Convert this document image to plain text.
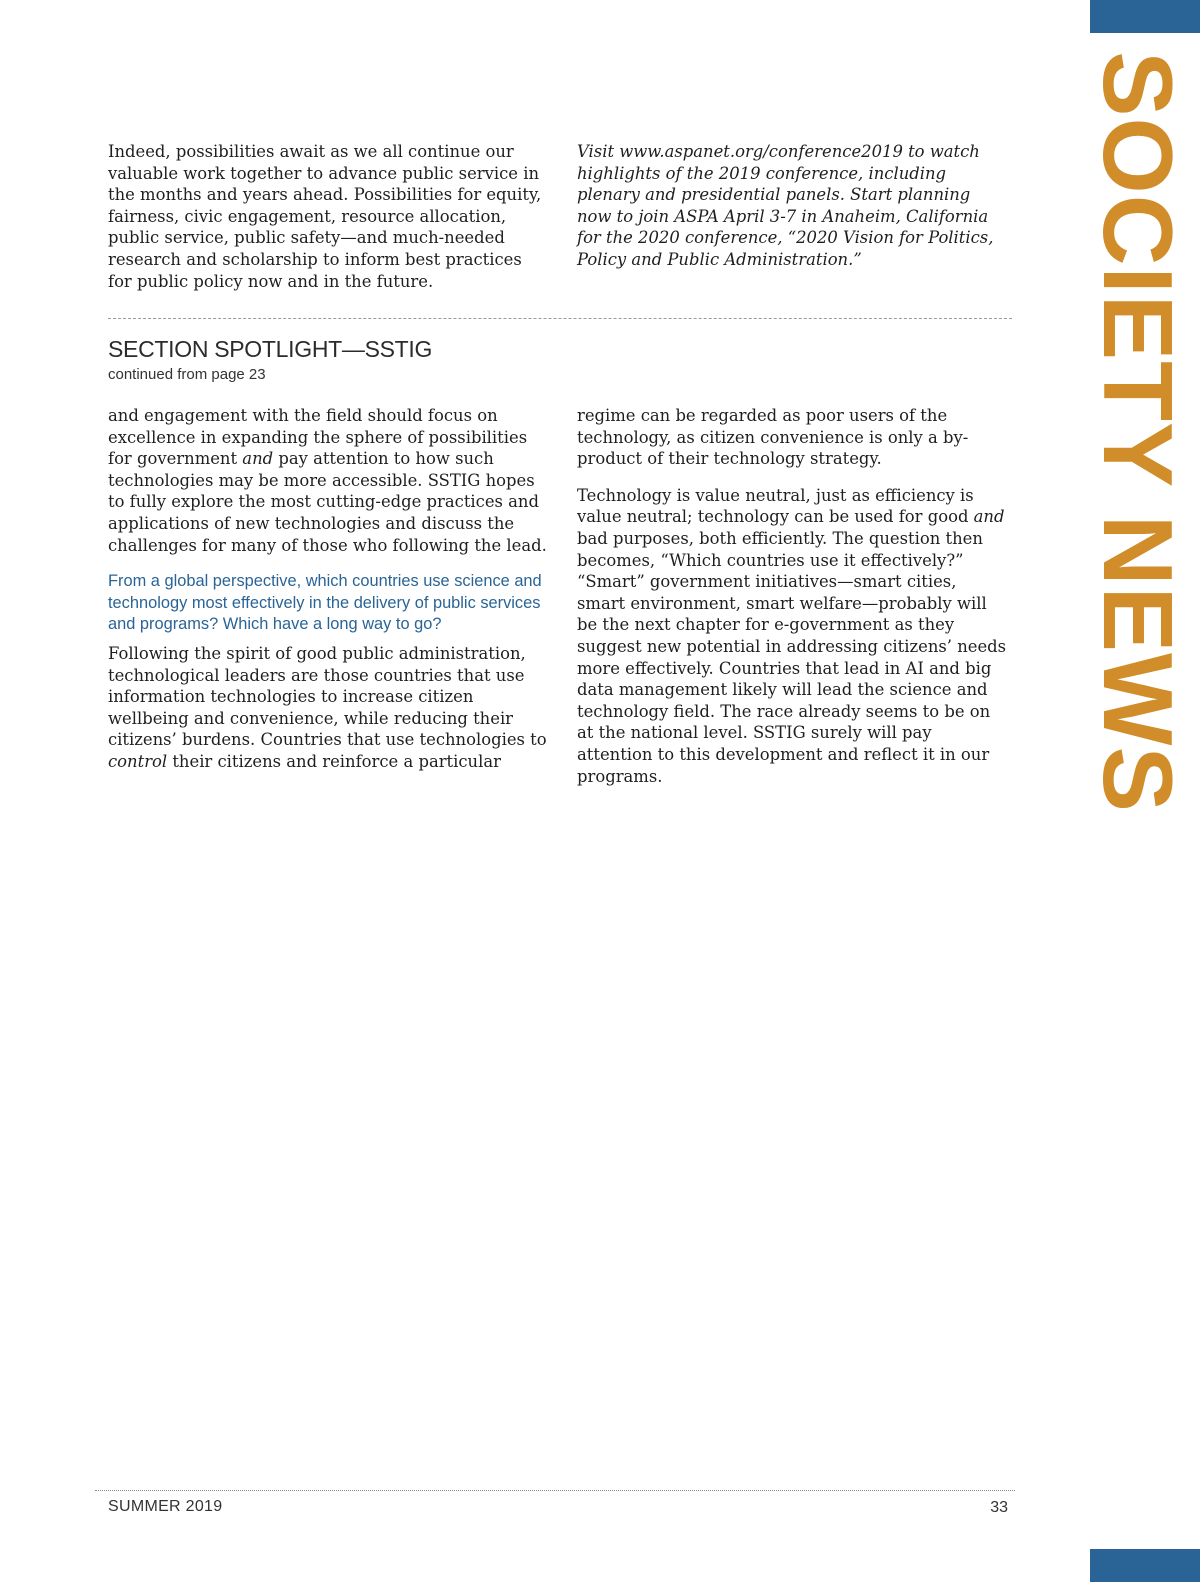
SOCIETY NEWS

Indeed, possibilities await as we all continue our valuable work together to advance public service in the months and years ahead. Possibilities for equity, fairness, civic engagement, resource allocation, public service, public safety—and much-needed research and scholarship to inform best practices for public policy now and in the future.

Visit www.aspanet.org/conference2019 to watch highlights of the 2019 conference, including plenary and presidential panels. Start planning now to join ASPA April 3-7 in Anaheim, California for the 2020 conference, “2020 Vision for Politics, Policy and Public Administration.”

SECTION SPOTLIGHT—SSTIG
continued from page 23

and engagement with the field should focus on excellence in expanding the sphere of possibilities for government and pay attention to how such technologies may be more accessible. SSTIG hopes to fully explore the most cutting-edge practices and applications of new technologies and discuss the challenges for many of those who following the lead.

From a global perspective, which countries use science and technology most effectively in the delivery of public services and programs? Which have a long way to go?

Following the spirit of good public administration, technological leaders are those countries that use information technologies to increase citizen wellbeing and convenience, while reducing their citizens’ burdens. Countries that use technologies to control their citizens and reinforce a particular

regime can be regarded as poor users of the technology, as citizen convenience is only a by-product of their technology strategy.

Technology is value neutral, just as efficiency is value neutral; technology can be used for good and bad purposes, both efficiently. The question then becomes, “Which countries use it effectively?” “Smart” government initiatives—smart cities, smart environment, smart welfare—probably will be the next chapter for e-government as they suggest new potential in addressing citizens’ needs more effectively. Countries that lead in AI and big data management likely will lead the science and technology field. The race already seems to be on at the national level. SSTIG surely will pay attention to this development and reflect it in our programs.

SUMMER 2019	33
